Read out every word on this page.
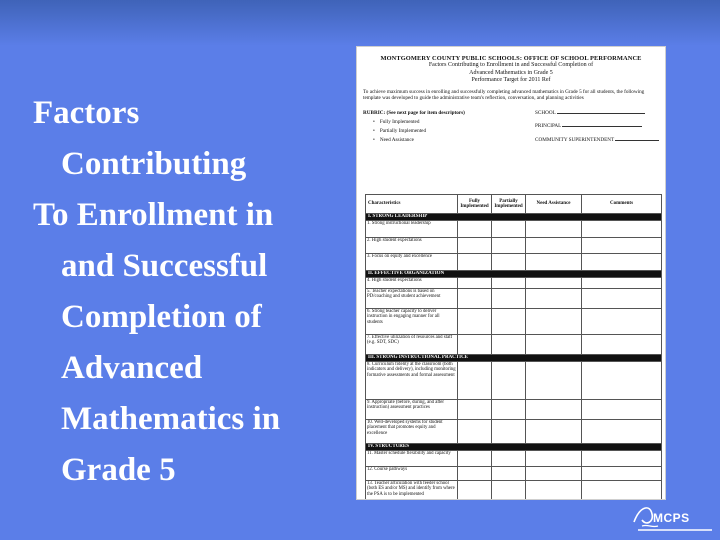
Factors
Contributing
To Enrollment in
and Successful
Completion of
Advanced
Mathematics in
Grade 5
MONTGOMERY COUNTY PUBLIC SCHOOLS: OFFICE OF SCHOOL PERFORMANCE
Factors Contributing to Enrollment in and Successful Completion of
Advanced Mathematics in Grade 5
Performance Target for 2011 Ref
To achieve maximum success in enrolling and successfully completing advanced mathematics in Grade 5 for all students, the following
template was developed to guide the administrative team's reflection, conversation, and planning activities
RUBRIC: (See next page for item descriptors)
• Fully Implemented
• Partially Implemented
• Need Assistance
SCHOOL
PRINCIPAL
COMMUNITY SUPERINTENDENT
Characteristics	Fully Implemented	Partially Implemented	Need Assistance	Comments
I. STRONG LEADERSHIP				
1. Strong instructional leadership				
2. High student expectations				
3. Focus on equity and excellence				
II. EFFECTIVE ORGANIZATION				
4. High student expectations				
5. Teacher expectations is based on PD/coaching and student achievement				
6. Strong teacher capacity to deliver instruction in engaging manner for all students				
7. Effective utilization of resources and staff (e.g. SDT, SDC)				
III. STRONG INSTRUCTIONAL PRACTICE				
8. Curriculum fidelity at the classroom (both indicators and delivery), including monitoring formative assessments and formal assessment				
9. Appropriate (before, during, and after instruction) assessment practices				
10. Well-developed systems for student placement that promotes equity and excellence				
IV. STRUCTURES				
11. Master schedule flexibility and capacity				
12. Course pathways				
13. Teacher articulation with feeder school (both ES and/or MS) and identify from where the PSA is to be implemented				
MCPS
